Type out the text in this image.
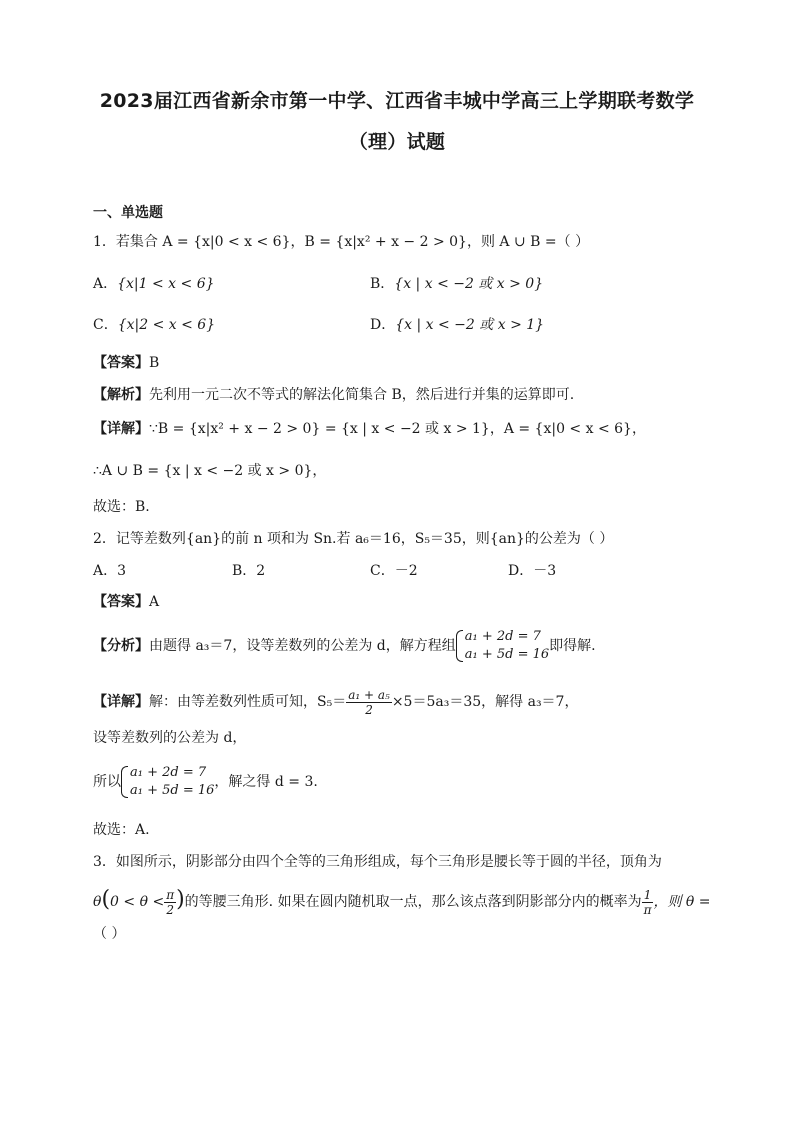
2023届江西省新余市第一中学、江西省丰城中学高三上学期联考数学
（理）试题
一、单选题
1．若集合 A = {x|0 < x < 6}，B = {x|x² + x − 2 > 0}，则 A ∪ B =（ ）
A．{x|1 < x < 6}	B．{x | x < −2 或 x > 0}
C．{x|2 < x < 6}	D．{x | x < −2 或 x > 1}
【答案】B
【解析】先利用一元二次不等式的解法化简集合 B，然后进行并集的运算即可.
【详解】∵B = {x|x² + x − 2 > 0} = {x | x < −2 或 x > 1}，A = {x|0 < x < 6}，
∴A ∪ B = {x | x < −2 或 x > 0}，
故选：B.
2．记等差数列{an}的前 n 项和为 Sn.若 a₆＝16，S₅＝35，则{an}的公差为（ ）
A．3	B．2	C．－2	D．－3
【答案】A
【分析】由题得 a₃＝7，设等差数列的公差为 d，解方程组
a₁ + 2d = 7
a₁ + 5d = 16
即得解.
【详解】解：由等差数列性质可知，$S_5= \frac{\text{a₁ + a₅}}{2} \times 5=5a_3=35$，解得 a₃＝7，
设等差数列的公差为 d，
所以
a₁ + 2d = 7
a₁ + 5d = 16
，解之得 d = 3.
故选：A.
3．如图所示，阴影部分由四个全等的三角形组成，每个三角形是腰长等于圆的半径，顶角为
$\theta(0 < \theta < \frac{\pi}{2}$ )的等腰三角形. 如果在圆内随机取一点，那么该点落到阴影部分内的概率为 $\frac{1}{\pi}$ ，则 θ =
（ ）
